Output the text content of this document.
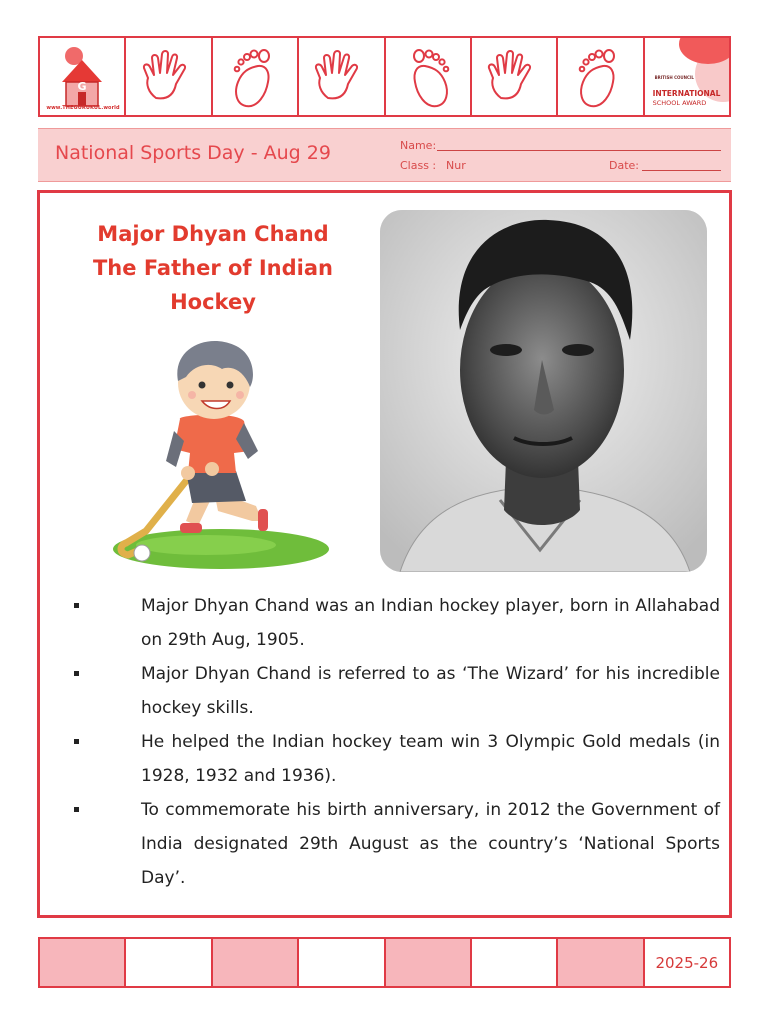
G
www.THEGURUKUL.world
BRITISH COUNCIL
INTERNATIONAL
SCHOOL AWARD
National Sports Day - Aug 29	Name:
Class : Nur	Date:
Major Dhyan Chand
The Father of Indian
Hockey
Major Dhyan Chand was an Indian hockey player, born in Allahabad on 29th Aug, 1905.
Major Dhyan Chand is referred to as ‘The Wizard’ for his incredible hockey skills.
He helped the Indian hockey team win 3 Olympic Gold medals (in 1928, 1932 and 1936).
To commemorate his birth anniversary, in 2012 the Government of India designated 29th August as the country’s ‘National Sports Day’.
2025-26
